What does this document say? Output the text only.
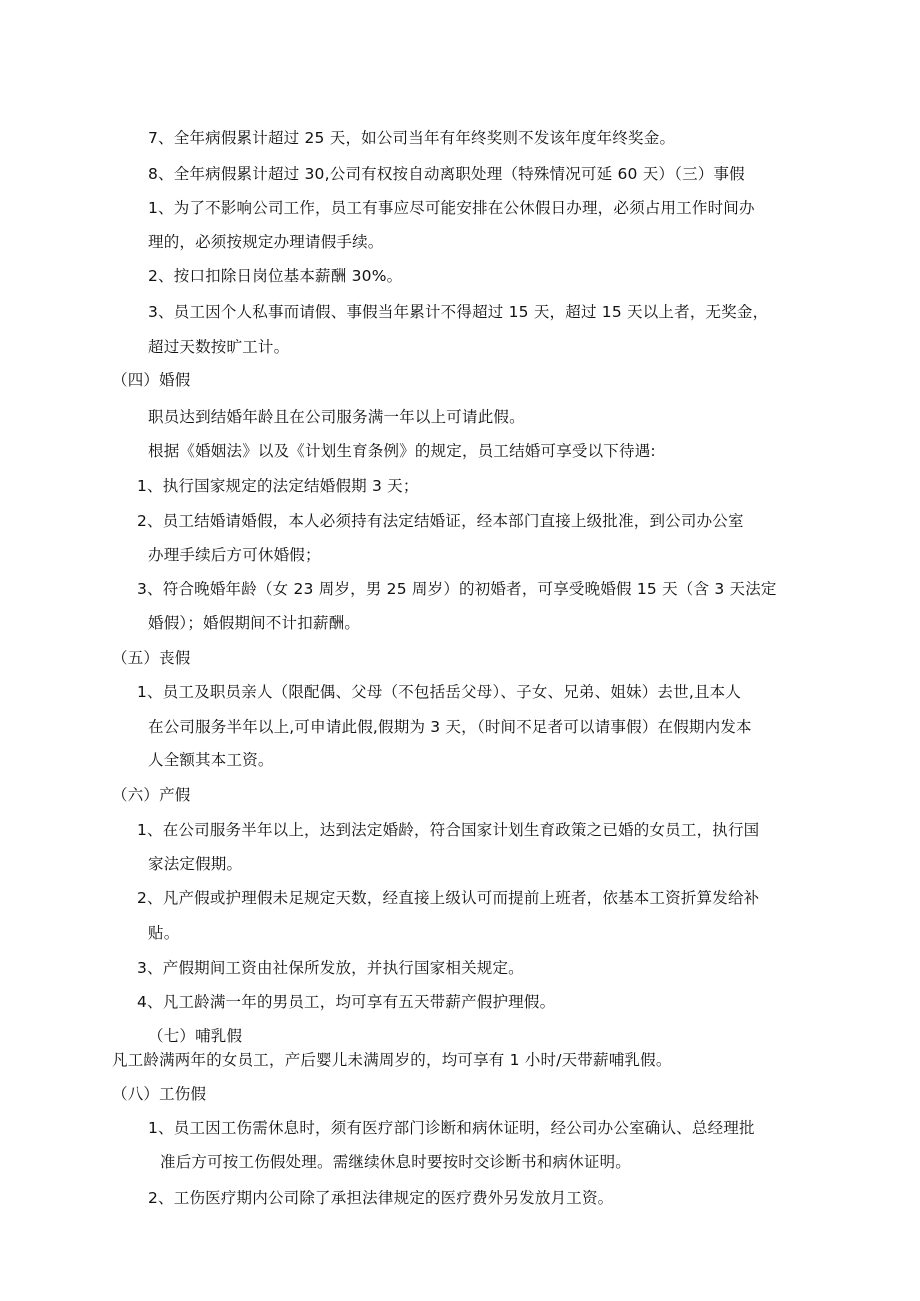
7、全年病假累计超过 25 天，如公司当年有年终奖则不发该年度年终奖金。
8、全年病假累计超过 30,公司有权按自动离职处理（特殊情况可延 60 天）（三）事假
1、为了不影响公司工作，员工有事应尽可能安排在公休假日办理，必须占用工作时间办
理的，必须按规定办理请假手续。
2、按口扣除日岗位基本薪酬 30%。
3、员工因个人私事而请假、事假当年累计不得超过 15 天，超过 15 天以上者，无奖金，
超过天数按旷工计。
（四）婚假
职员达到结婚年龄且在公司服务满一年以上可请此假。
根据《婚姻法》以及《计划生育条例》的规定，员工结婚可享受以下待遇:
1、执行国家规定的法定结婚假期 3 天；
2、员工结婚请婚假，本人必须持有法定结婚证，经本部门直接上级批准，到公司办公室
办理手续后方可休婚假；
3、符合晚婚年龄（女 23 周岁，男 25 周岁）的初婚者，可享受晚婚假 15 天（含 3 天法定
婚假）；婚假期间不计扣薪酬。
（五）丧假
1、员工及职员亲人（限配偶、父母（不包括岳父母）、子女、兄弟、姐妹）去世,且本人
在公司服务半年以上,可申请此假,假期为 3 天，（时间不足者可以请事假）在假期内发本
人全额其本工资。
（六）产假
1、在公司服务半年以上，达到法定婚龄，符合国家计划生育政策之已婚的女员工，执行国
家法定假期。
2、凡产假或护理假未足规定天数，经直接上级认可而提前上班者，依基本工资折算发给补
贴。
3、产假期间工资由社保所发放，并执行国家相关规定。
4、凡工龄满一年的男员工，均可享有五天带薪产假护理假。
（七）哺乳假
凡工龄满两年的女员工，产后婴儿未满周岁的，均可享有 1 小时/天带薪哺乳假。
（八）工伤假
1、员工因工伤需休息时，须有医疗部门诊断和病休证明，经公司办公室确认、总经理批
准后方可按工伤假处理。需继续休息时要按时交诊断书和病休证明。
2、工伤医疗期内公司除了承担法律规定的医疗费外另发放月工资。
